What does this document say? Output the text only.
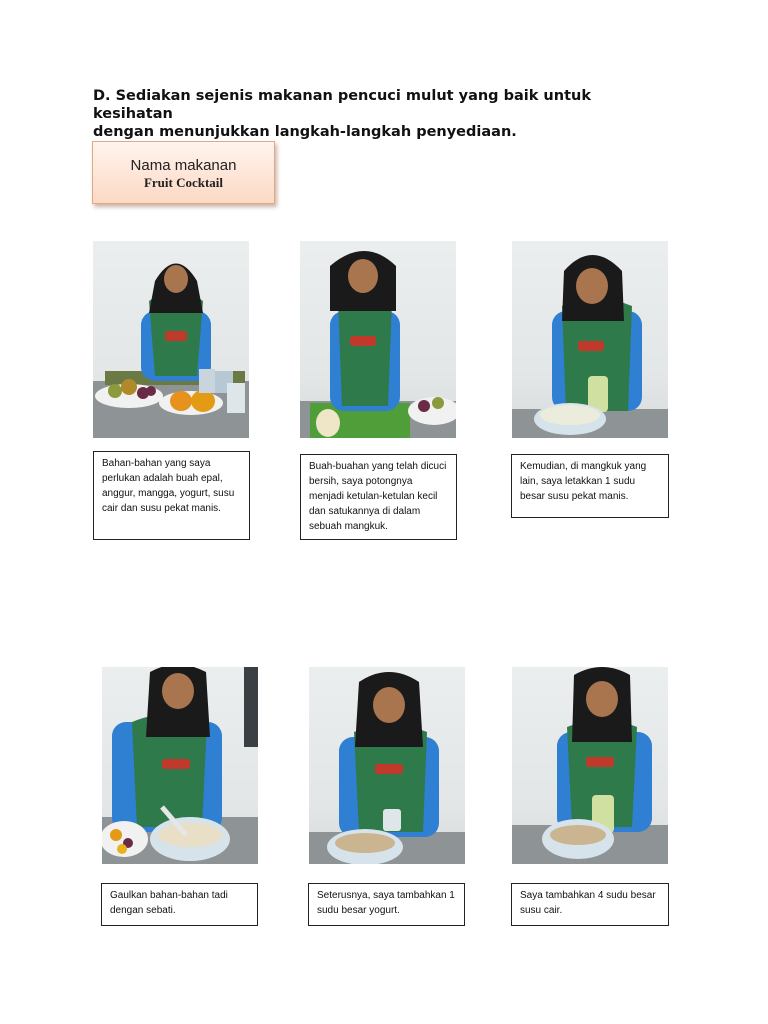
D. Sediakan sejenis makanan pencuci mulut yang baik untuk kesihatan
dengan menunjukkan langkah-langkah penyediaan.
Nama makanan
Fruit Cocktail
Bahan-bahan yang saya perlukan adalah buah epal, anggur, mangga, yogurt, susu cair dan susu pekat manis.
Buah-buahan yang telah dicuci bersih, saya potongnya menjadi ketulan-ketulan kecil dan satukannya di dalam sebuah mangkuk.
Kemudian, di mangkuk yang lain, saya letakkan 1 sudu besar susu pekat manis.
Gaulkan bahan-bahan tadi dengan sebati.
Seterusnya, saya tambahkan 1 sudu besar yogurt.
Saya tambahkan 4 sudu besar susu cair.
